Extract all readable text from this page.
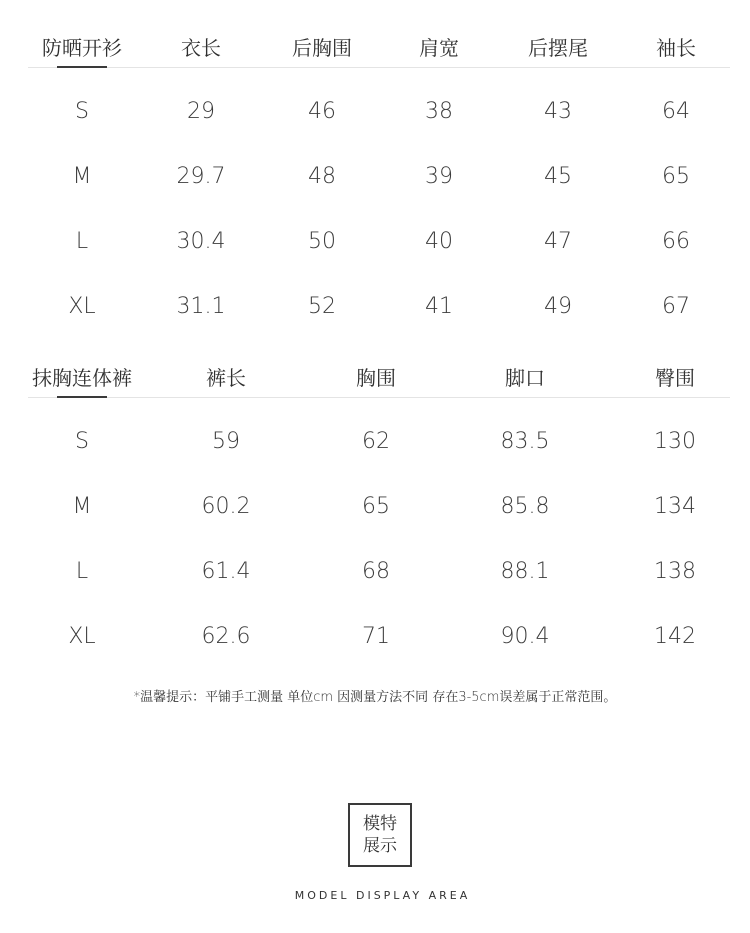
防晒开衫	衣长	后胸围	肩宽	后摆尾	袖长
S	29	46	38	43	64
M	29.7	48	39	45	65
L	30.4	50	40	47	66
XL	31.1	52	41	49	67
抹胸连体裤	裤长	胸围	脚口	臀围
S	59	62	83.5	130
M	60.2	65	85.8	134
L	61.4	68	88.1	138
XL	62.6	71	90.4	142
*温馨提示：平铺手工测量 单位cm 因测量方法不同 存在3-5cm误差属于正常范围。
模特
展示
MODEL DISPLAY AREA
